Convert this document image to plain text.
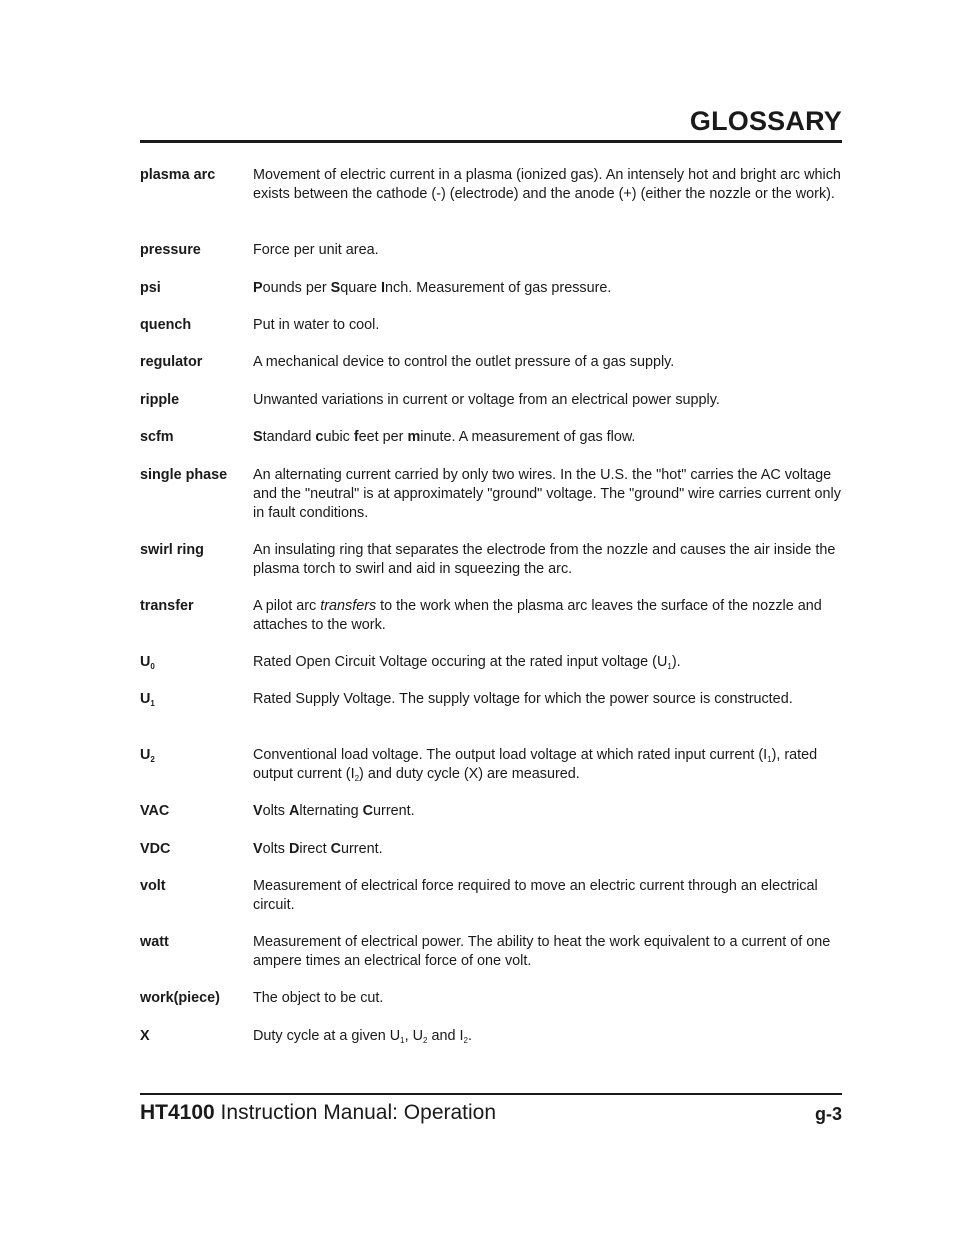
GLOSSARY
plasma arc	Movement of electric current in a plasma (ionized gas). An intensely hot and bright arc which exists between the cathode (-) (electrode) and the anode (+) (either the nozzle or the work).
pressure	Force per unit area.
psi	Pounds per Square Inch. Measurement of gas pressure.
quench	Put in water to cool.
regulator	A mechanical device to control the outlet pressure of a gas supply.
ripple	Unwanted variations in current or voltage from an electrical power supply.
scfm	Standard cubic feet per minute. A measurement of gas flow.
single phase	An alternating current carried by only two wires. In the U.S. the "hot" carries the AC voltage and the "neutral" is at approximately "ground" voltage. The "ground" wire carries current only in fault conditions.
swirl ring	An insulating ring that separates the electrode from the nozzle and causes the air inside the plasma torch to swirl and aid in squeezing the arc.
transfer	A pilot arc transfers to the work when the plasma arc leaves the surface of the nozzle and attaches to the work.
$U_0$	Rated Open Circuit Voltage occuring at the rated input voltage $(U_1)$.
$U_1$	Rated Supply Voltage. The supply voltage for which the power source is constructed.
$U_2$	Conventional load voltage. The output load voltage at which rated input current $(I_1)$, rated output current $(I_2)$ and duty cycle (X) are measured.
VAC	Volts Alternating Current.
VDC	Volts Direct Current.
volt	Measurement of electrical force required to move an electric current through an electrical circuit.
watt	Measurement of electrical power. The ability to heat the work equivalent to a current of one ampere times an electrical force of one volt.
work(piece)	The object to be cut.
X	Duty cycle at a given $U_1$, $U_2$ and $I_2$.
HT4100 Instruction Manual: Operation	g-3
